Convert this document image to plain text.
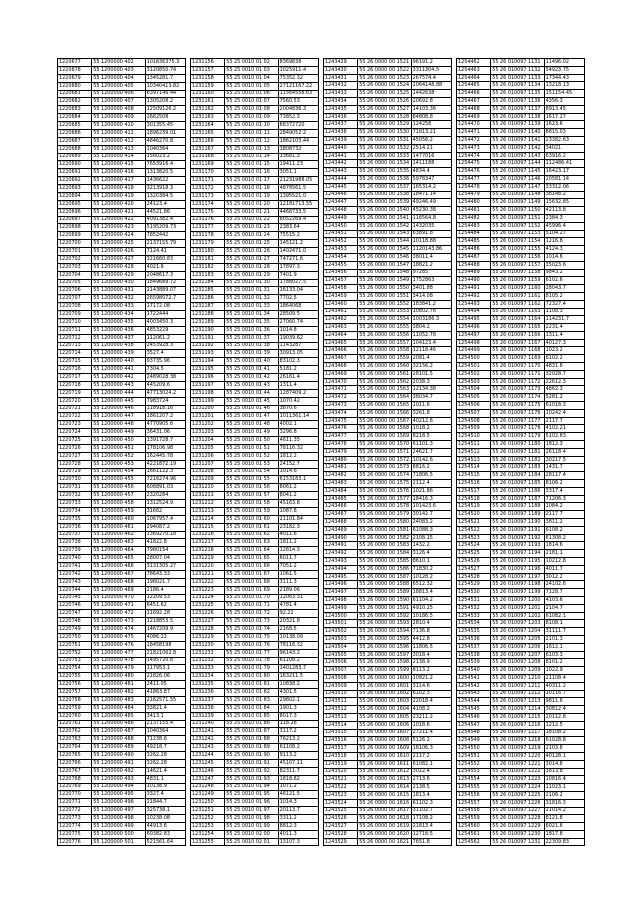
1220677	55 1200000 402	101836375.3
1220678	55 1200000 403	3120850.74
1220679	55 1200000 404	1345281.7
1220680	55 1200000 405	10340413.82
1220681	55 1200000 406	6397146.44
1220682	55 1200000 407	1305208.2
1220683	55 1200000 408	12509126.2
1220684	55 1200000 409	2662508
1220685	55 1200000 410	301355.45
1220686	55 1200000 411	1896239.01
1220687	55 1200000 412	4846270.8
1220688	55 1200000 413	1040364
1220689	55 1200000 414	156023.2
1220690	55 1200000 415	7653916.4
1220691	55 1200000 416	1313820.5
1220692	55 1200000 417	1436622
1220693	55 1200000 418	3213918.3
1220694	55 1200000 419	1320384.5
1220695	55 1200000 420	24123.4
1220696	55 1200000 421	44521.86
1220697	55 1200000 422	4091382.4
1220698	55 1200000 423	5195209.73
1220699	55 1200000 424	7852442
1220700	55 1200000 425	2137155.79
1220701	55 1200000 426	7124.41
1220702	55 1200000 427	321660.83
1220703	55 1200000 428	4021.8
1220704	55 1200000 429	2048617.3
1220705	55 1200000 430	1849689.72
1220706	55 1200000 431	2143889.07
1220707	55 1200000 432	26598072.7
1220708	55 1200000 433	17172.08
1220709	55 1200000 434	1722444
1220710	55 1200000 435	4003450.3
1220711	55 1200000 436	4853229
1220712	55 1200000 437	112061.2
1220713	55 1200000 438	2453928.3
1220714	55 1200000 439	3527.4
1220715	55 1200000 440	93735.96
1220716	55 1200000 441	7304.5
1220717	55 1200000 442	2489028.38
1220718	55 1200000 443	445209.6
1220719	55 1200000 444	47713024.2
1220720	55 1200000 445	7983724
1220721	55 1200000 446	118918.16
1220722	55 1200000 447	1861207.2
1220723	55 1200000 448	4770905.6
1220724	55 1200000 449	36431.06
1220725	55 1200000 450	1391728.7
1220726	55 1200000 451	178106.98
1220727	55 1200000 452	162445.78
1220728	55 1200000 453	4221872.19
1220729	55 1200000 454	1661122.3
1220730	55 1200000 455	7216274.96
1220731	55 1200000 456	608891.03
1220732	55 1200000 457	2320284
1220733	55 1200000 458	1312524.9
1220734	55 1200000 459	31662
1220735	55 1200000 460	1067957.4
1220736	55 1200000 461	294087.2
1220737	55 1200000 462	1389270.18
1220738	55 1200000 463	41822.8
1220739	55 1200000 464	7980154
1220740	55 1200000 465	28007.04
1220741	55 1200000 466	3131305.27
1220742	55 1200000 467	78643.33
1220743	55 1200000 468	198021.7
1220744	55 1200000 469	2186.4
1220745	55 1200000 470	12209.53
1220746	55 1200000 471	6451.62
1220747	55 1200000 472	11692.28
1220748	55 1200000 473	1218853.5
1220749	55 1200000 474	1467209.9
1220750	55 1200000 475	4086.22
1220751	55 1200000 476	18458198
1220752	55 1200000 477	21821062.8
1220753	55 1200000 478	1495720.8
1220754	55 1200000 479	117953.1
1220755	55 1200000 480	21826.06
1220756	55 1200000 481	2411.05
1220757	55 1200000 482	41863.87
1220758	55 1200000 483	2162571.55
1220759	55 1200000 484	33821.4
1220760	55 1200000 485	3413.1
1220761	55 1200000 486	2137155.4
1220762	55 1200000 487	1040364
1220763	55 1200000 488	71238.6
1220764	55 1200000 489	49218.7
1220765	55 1200000 490	3262.28
1220766	55 1200000 491	3262.28
1220767	55 1200000 492	14621.4
1220768	55 1200000 493	4831.1
1220769	55 1200000 494	10138.9
1220770	55 1200000 495	3327.4
1220771	55 1200000 496	21844.7
1220772	55 1200000 497	325738.1
1220773	55 1200000 498	10238.08
1220774	55 1200000 499	44913.6
1220775	55 1200000 500	60382.83
1220776	55 1200000 501	521561.64
1231156	55 25 0010 01 02	8369838
1231157	55 25 0010 01 03	1025911.4
1231158	55 25 0010 01 04	75352.32
1231159	55 25 0010 01 05	27121167.22
1231160	55 25 0010 01 06	11564558.63
1231161	55 25 0010 01 07	7560.53
1231162	55 25 0010 01 08	2004836.3
1231163	55 25 0010 01 09	73852.3
1231164	55 25 0010 01 10	68372720
1231165	55 25 0010 01 11	2849052.2
1231166	55 25 0010 01 12	1862103.44
1231167	55 25 0010 01 13	3808732
1231168	55 25 0010 01 14	13681.3
1231169	55 25 0010 01 15	19411.23
1231170	55 25 0010 01 16	3051.1
1231171	55 25 0010 01 17	21231988.05
1231172	55 25 0010 01 18	4878561.5
1231173	55 25 0010 01 19	1395521.0
1231174	55 25 0010 01 20	12181713.55
1231175	55 25 0010 01 21	4468733.5
1231176	55 25 0010 01 22	6052269.4
1231177	55 25 0010 01 23	2383.64
1231178	55 25 0010 01 24	75515.2
1231179	55 25 0010 01 25	145121.2
1231180	55 25 0010 01 26	1402471.0
1231181	55 25 0010 01 27	747271.6
1231182	55 25 0010 01 28	17897.3
1231183	55 25 0010 01 29	7401.9
1231184	55 25 0010 01 30	1788027.5
1231185	55 25 0010 01 31	16133.04
1231186	55 25 0010 01 32	7702.5
1231187	55 25 0010 01 33	1864068
1231188	55 25 0010 01 34	28509.5
1231189	55 25 0010 01 35	27060.74
1231190	55 25 0010 01 36	1014.8
1231191	55 25 0010 01 37	19039.62
1231192	55 25 0010 01 38	1143287
1231193	55 25 0010 01 39	30913.05
1231194	55 25 0010 01 40	83102.3
1231195	55 25 0010 01 41	5181.2
1231196	55 25 0010 01 42	26161.4
1231197	55 25 0010 01 43	1311.4
1231198	55 25 0010 01 44	1287409.2
1231199	55 25 0010 01 45	1070.42
1231200	55 25 0010 01 46	3870.6
1231201	55 25 0010 01 47	1011361.14
1231202	55 25 0010 01 48	4002.1
1231203	55 25 0010 01 49	3296.8
1231204	55 25 0010 01 50	4611.35
1231205	55 25 0010 01 51	78116.32
1231206	55 25 0010 01 52	1812.2
1231207	55 25 0010 01 53	24152.7
1231208	55 25 0010 01 54	1014.6
1231209	55 25 0010 01 55	6153183.1
1231210	55 25 0010 01 56	8061.2
1231211	55 25 0010 01 57	8041.2
1231212	55 25 0010 01 58	45163.8
1231213	55 25 0010 01 59	1087.8
1231214	55 25 0010 01 60	21101.84
1231215	55 25 0010 01 61	23182.3
1231216	55 25 0010 01 62	4011.6
1231217	55 25 0010 01 63	1811.2
1231218	55 25 0010 01 64	12814.3
1231219	55 25 0010 01 65	6011.7
1231220	55 25 0010 01 66	7051.2
1231221	55 25 0010 01 67	1061.5
1231222	55 25 0010 01 68	3111.3
1231223	55 25 0010 01 69	2189.06
1231224	55 25 0010 01 70	12063.31
1231225	55 25 0010 01 71	4781.4
1231226	55 25 0010 01 72	92.22
1231227	55 25 0010 01 73	20321.8
1231228	55 25 0010 01 74	2168.5
1231229	55 25 0010 01 75	10138.09
1231230	55 25 0010 01 76	78116.32
1231231	55 25 0010 01 77	96143.2
1231232	55 25 0010 01 78	61108.2
1231233	55 25 0010 01 79	1401283.7
1231234	55 25 0010 01 80	163211.5
1231235	55 25 0010 01 81	10838.2
1231236	55 25 0010 01 82	4301.5
1231237	55 25 0010 01 83	29802.1
1231238	55 25 0010 01 84	1901.3
1231239	55 25 0010 01 85	8017.3
1231240	55 25 0010 01 86	118.28
1231241	55 25 0010 01 87	3117.2
1231242	55 25 0010 01 88	76213.2
1231243	55 25 0010 01 89	61108.2
1231244	55 25 0010 01 90	9113.2
1231245	55 25 0010 01 91	45107.11
1231246	55 25 0010 01 92	82311.7
1231247	55 25 0010 01 93	1818.82
1231248	55 25 0010 01 94	1071.2
1231249	55 25 0010 01 95	46121.5
1231250	55 25 0010 01 96	1014.3
1231251	55 25 0010 01 97	20113.7
1231252	55 25 0010 01 98	3311.2
1231253	55 25 0010 01 99	8812.3
1231254	55 25 0010 02 00	4011.3
1231255	55 25 0010 02 01	13107.3
1243429	55 26 0000 00 1521 96191.2
1243430	55 26 0000 00 1522 3311304.5
1243431	55 26 0000 00 1523 267574.4
1243432	55 26 0000 00 1524 1064148.88
1243433	55 26 0000 00 1525 1442638
1243434	55 26 0000 00 1526 20692.8
1243435	55 26 0000 00 1527 14103.36
1243436	55 26 0000 00 1528 84808.8
1243437	55 26 0000 00 1529 124258
1243438	55 26 0000 00 1530 71813.21
1243439	55 26 0000 00 1531 45056.2
1243440	55 26 0000 00 1532 2514.21
1243441	55 26 0000 00 1533 1477016
1243442	55 26 0000 00 1534 1411188
1243443	55 26 0000 00 1535 4834.4
1243444	55 26 0000 00 1536 5978347
1243445	55 26 0000 00 1537 165314.2
1243446	55 26 0000 00 1538 18471.14
1243447	55 26 0000 00 1539 49246.49
1243448	55 26 0000 00 1540 45230.38
1243449	55 26 0000 00 1541 116564.8
1243450	55 26 0000 00 1542 1432035
1243451	55 26 0000 00 1543 63891.8
1243452	55 26 0000 00 1544 10118.88
1243453	55 26 0000 00 1545 1120143.86
1243454	55 26 0000 00 1546 38011.4
1243455	55 26 0000 00 1547 18821.2
1243456	55 26 0000 00 1548 97285
1243457	55 26 0000 00 1549 1752863
1243458	55 26 0000 00 1550 3401.88
1243459	55 26 0000 00 1551 3414.08
1243460	55 26 0000 00 1552 183841.2
1243461	55 26 0000 00 1553 10802.76
1243462	55 26 0000 00 1554 1003186.3
1243463	55 26 0000 00 1555 3804.2
1243464	55 26 0000 00 1556 11052.78
1243465	55 26 0000 00 1557 104123.4
1243466	55 26 0000 00 1558 12118.46
1243467	55 26 0000 00 1559 2081.4
1243468	55 26 0000 00 1560 32156.2
1243469	55 26 0000 00 1561 28101.5
1243470	55 26 0000 00 1562 2038.3
1243471	55 26 0000 00 1563 12134.38
1243472	55 26 0000 00 1564 38034.7
1243473	55 26 0000 00 1565 1011.6
1243474	55 26 0000 00 1566 3261.8
1243475	55 26 0000 00 1567 40212.6
1243476	55 26 0000 00 1568 1018.2
1243477	55 26 0000 00 1569 8218.5
1243478	55 26 0000 00 1570 61101.3
1243479	55 26 0000 00 1571 24621.7
1243480	55 26 0000 00 1572 10142.6
1243481	55 26 0000 00 1573 8816.2
1243482	55 26 0000 00 1574 71806.5
1243483	55 26 0000 00 1575 2112.4
1243484	55 26 0000 00 1576 1021.86
1243485	55 26 0000 00 1577 18416.3
1243486	55 26 0000 00 1578 101423.6
1243487	55 26 0000 00 1579 30142.7
1243488	55 26 0000 00 1580 24083.2
1243489	55 26 0000 00 1581 61088.3
1243490	55 26 0000 00 1582 2108.15
1243491	55 26 0000 00 1583 1432.2
1243492	55 26 0000 00 1584 3126.4
1243493	55 26 0000 00 1585 8610.1
1243494	55 26 0000 00 1586 71830.2
1243495	55 26 0000 00 1587 10128.2
1243496	55 26 0000 00 1588 6512.32
1243497	55 26 0000 00 1589 18813.4
1243498	55 26 0000 00 1590 61104.2
1243499	55 26 0000 00 1591 4910.25
1243500	55 26 0000 00 1592 10186.5
1243501	55 26 0000 00 1593 2810.4
1243502	55 26 0000 00 1594 7136.8
1243503	55 26 0000 00 1595 4412.8
1243504	55 26 0000 00 1596 11806.5
1243505	55 26 0000 00 1597 3018.4
1243506	55 26 0000 00 1598 2138.9
1243507	55 26 0000 00 1599 8113.2
1243508	55 26 0000 00 1600 10821.2
1243509	55 26 0000 00 1601 3114.6
1243510	55 26 0000 00 1602 6102.3
1243511	55 26 0000 00 1603 22018.4
1243512	55 26 0000 00 1604 4108.2
1243513	55 26 0000 00 1605 23211.2
1243514	55 26 0000 00 1606 1018.6
1243515	55 26 0000 00 1607 27211.4
1243516	55 26 0000 00 1608 5126.2
1243517	55 26 0000 00 1609 18106.3
1243518	55 26 0000 00 1610 2117.2
1243519	55 26 0000 00 1611 61082.1
1243520	55 26 0000 00 1612 3012.4
1243521	55 26 0000 00 1613 2713.6
1243522	55 26 0000 00 1614 2138.5
1243523	55 26 0000 00 1615 1813.4
1243524	55 26 0000 00 1616 61102.3
1243525	55 26 0000 00 1617 31102.7
1243526	55 26 0000 00 1618 17108.2
1243527	55 26 0000 00 1619 21813.4
1243528	55 26 0000 00 1620 12718.5
1243529	55 26 0000 00 1621 7651.8
1254462	55 26 010097 1131	11496.02
1254463	55 26 010097 1132	54923.75
1254464	55 26 010097 1133	17344.43
1254465	55 26 010097 1134	13218.13
1254466	55 26 010097 1135	151154.45
1254467	55 26 010097 1136	4356.3
1254468	55 26 010097 1137	8913.45
1254469	55 26 010097 1138	1617.27
1254470	55 26 010097 1139	1623.6
1254471	55 26 010097 1140	8815.03
1254472	55 26 010097 1141	23382.63
1254473	55 26 010097 1142	34021
1254474	55 26 010097 1143	63916.2
1254475	55 26 010097 1144	112486.41
1254476	55 26 010097 1145	16423.17
1254477	55 26 010097 1146	20581.14
1254478	55 26 010097 1147	33312.06
1254479	55 26 010097 1148	38148.2
1254480	55 26 010097 1149	15632.85
1254481	55 26 010097 1150	42113.8
1254482	55 26 010097 1151	2384.3
1254483	55 26 010097 1152	45996.4
1254484	55 26 010097 1153	5104.27
1254485	55 26 010097 1154	1216.8
1254486	55 26 010097 1155	4124.3
1254487	55 26 010097 1156	1014.6
1254488	55 26 010097 1157	35023.6
1254489	55 26 010097 1158	9843.2
1254490	55 26 010097 1159	6102.6
1254491	55 26 010097 1160	28043.7
1254492	55 26 010097 1161	8105.2
1254493	55 26 010097 1162	72327.4
1254494	55 26 010097 1163	1108.3
1254495	55 26 010097 1164	114231.7
1254496	55 26 010097 1165	2231.4
1254497	55 26 010097 1166	1311.4
1254498	55 26 010097 1167	40127.3
1254499	55 26 010097 1168	1023.2
1254500	55 26 010097 1169	6102.2
1254501	55 26 010097 1170	4831.8
1254502	55 26 010097 1171	32028.7
1254503	55 26 010097 1172	22612.3
1254504	55 26 010097 1173	4862.3
1254505	55 26 010097 1174	5281.2
1254506	55 26 010097 1175	61018.3
1254507	55 26 010097 1176	10242.4
1254508	55 26 010097 1177	2117.7
1254509	55 26 010097 1178	4102.21
1254510	55 26 010097 1179	5102.83
1254511	55 26 010097 1180	1812.3
1254512	55 26 010097 1181	26118.4
1254513	55 26 010097 1182	30217.5
1254514	55 26 010097 1183	1431.7
1254515	55 26 010097 1184	28117.4
1254516	55 26 010097 1185	8106.2
1254517	55 26 010097 1186	3317.4
1254518	55 26 010097 1187	71206.3
1254519	55 26 010097 1188	1084.2
1254520	55 26 010097 1189	2117.7
1254521	55 26 010097 1190	3811.2
1254522	55 26 010097 1191	6108.2
1254523	55 26 010097 1192	61308.2
1254524	55 26 010097 1193	1814.6
1254525	55 26 010097 1194	2181.1
1254526	55 26 010097 1195	10212.8
1254527	55 26 010097 1196	4011.7
1254528	55 26 010097 1197	3012.2
1254529	55 26 010097 1198	24102.6
1254530	55 26 010097 1199	7128.7
1254531	55 26 010097 1200	4103.6
1254532	55 26 010097 1201	2104.7
1254533	55 26 010097 1202	61082.1
1254534	55 26 010097 1203	8108.1
1254535	55 26 010097 1204	31111.7
1254536	55 26 010097 1205	2101.3
1254537	55 26 010097 1206	1612.1
1254538	55 26 010097 1207	6103.3
1254539	55 26 010097 1208	8101.2
1254540	55 26 010097 1209	1022.9
1254541	55 26 010097 1210	21108.4
1254542	55 26 010097 1211	40311.2
1254543	55 26 010097 1212	10116.7
1254544	55 26 010097 1213	9811.6
1254545	55 26 010097 1214	30812.4
1254546	55 26 010097 1215	20112.8
1254547	55 26 010097 1216	1212.5
1254548	55 26 010097 1217	18108.2
1254549	55 26 010097 1218	61028.8
1254550	55 26 010097 1219	2103.8
1254551	55 26 010097 1220	40128.1
1254552	55 26 010097 1221	3014.8
1254553	55 26 010097 1222	1813.8
1254554	55 26 010097 1223	10816.4
1254555	55 26 010097 1224	11023.1
1254556	55 26 010097 1225	2106.2
1254557	55 26 010097 1226	31816.3
1254558	55 26 010097 1227	21014.2
1254559	55 26 010097 1228	8121.8
1254560	55 26 010097 1229	6021.6
1254561	55 26 010097 1230	1817.8
1254562	55 26 010097 1231	22309.83
